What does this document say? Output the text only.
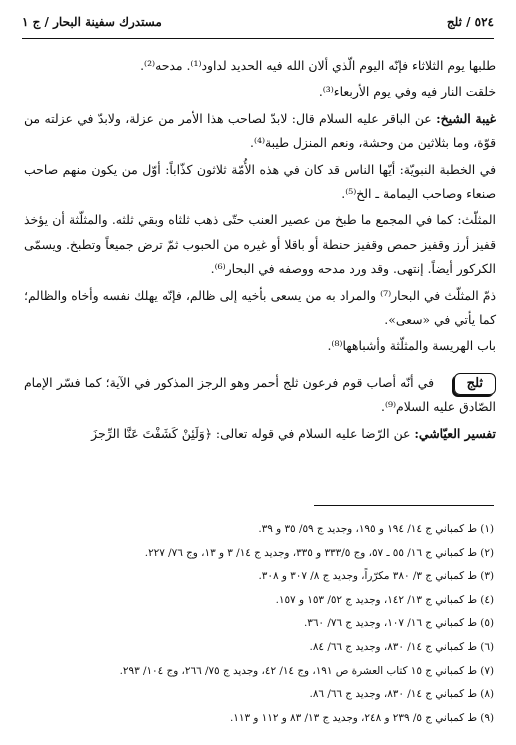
٥٢٤ / ثلج
مستدرك سفينة البحار / ج ١

طلبها يوم الثلاثاء فإنّه اليوم الّذي ألان الله فيه الحديد لداود⁽¹⁾. مدحه⁽²⁾.

خلقت النار فيه وفي يوم الأربعاء⁽³⁾.

غيبة الشيخ: عن الباقر عليه السلام قال: لابدّ لصاحب هذا الأمر من عزلة، ولابدّ في عزلته من قوّة، وما بثلاثين من وحشة، ونعم المنزل طيبة⁽⁴⁾.

في الخطبة النبويّة: أيّها الناس قد كان في هذه الأُمّة ثلاثون كذّاباً: أوّل من يكون منهم صاحب صنعاء وصاحب اليمامة ـ الخ⁽⁵⁾.

المثلّث: كما في المجمع ما طبخ من عصير العنب حتّى ذهب ثلثاه وبقي ثلثه. والمثلّثة أن يؤخذ قفيز أرز وقفيز حمص وقفيز حنطة أو باقلا أو غيره من الحبوب ثمّ ترض جميعاً وتطبخ. ويسمّى الكركور أيضاً. إنتهى. وقد ورد مدحه ووصفه في البحار⁽⁶⁾.

ذمّ المثلّث في البحار⁽⁷⁾ والمراد به من يسعى بأخيه إلى ظالم، فإنّه يهلك نفسه وأخاه والظالم؛ كما يأتي في «سعى».

باب الهريسة والمثلّثة وأشباهها⁽⁸⁾.

ثلج

في أنّه أصاب قوم فرعون ثلج أحمر وهو الرجز المذكور في الآية؛ كما فسّر الإمام الصّادق عليه السلام⁽⁹⁾.

تفسير العيّاشي: عن الرّضا عليه السلام في قوله تعالى: ﴿وَلَئِنْ كَشَفْتَ عَنَّا الرِّجزَ

(١) ط كمباني ج ١٤/ ١٩٤ و ١٩٥، وجديد ج ٥٩/ ٣٥ و ٣٩.
(٢) ط كمباني ج ١٦/ ٥٥ ـ ٥٧، وج ٣٣٣/٥ و ٣٣٥، وجديد ج ١٤/ ٣ و ١٣، وج ٧٦/ ٢٢٧.
(٣) ط كمباني ج ٣/ ٣٨٠ مكرّراً، وجديد ج ٨/ ٣٠٧ و ٣٠٨.
(٤) ط كمباني ج ١٣/ ١٤٢، وجديد ج ٥٢/ ١٥٣ و ١٥٧.
(٥) ط كمباني ج ١٦/ ١٠٧، وجديد ج ٧٦/ ٣٦٠.
(٦) ط كمباني ج ١٤/ ٨٣٠، وجديد ج ٦٦/ ٨٤.
(٧) ط كمباني ج ١٥ كتاب العشرة ص ١٩١، وج ١٤/ ٤٢، وجديد ج ٧٥/ ٢٦٦، وج ١٠٤/ ٢٩٣.
(٨) ط كمباني ج ١٤/ ٨٣٠، وجديد ج ٦٦/ ٨٦.
(٩) ط كمباني ج ٥/ ٢٣٩ و ٢٤٨، وجديد ج ١٣/ ٨٣ و ١١٢ و ١١٣.
